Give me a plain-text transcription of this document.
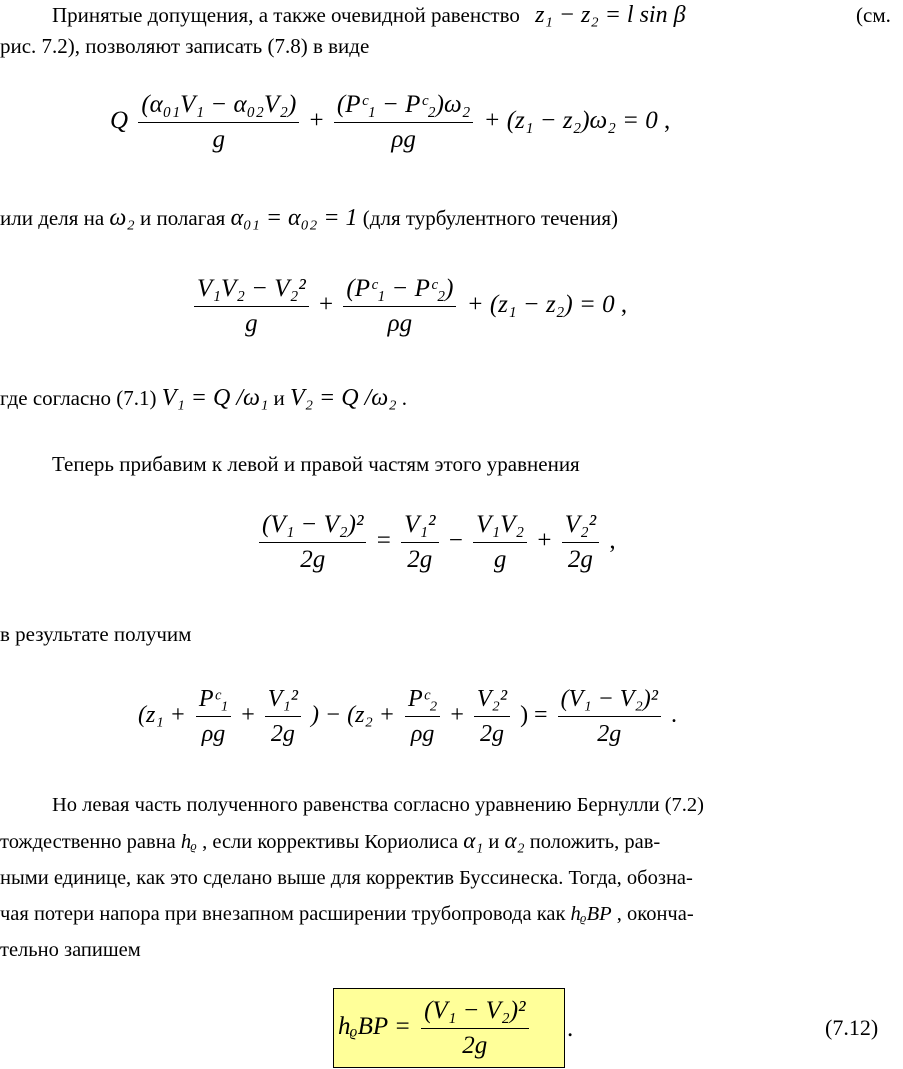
Принятые допущения, а также очевидной равенство z₁ − z₂ = l sin β	(см.
рис. 7.2), позволяют записать (7.8) в виде
Q $\frac{\text{(α₀₁V₁ − α₀₂V₂)}}{g} + \frac{\text{(Pᶜ₁ − Pᶜ₂)ω₂}}{\rho g} + (z_1 - z_2)\omega_2 = 0$ ,
или деля на ω₂ и полагая α₀₁ = α₀₂ = 1 (для турбулентного течения)
$\frac{\text{V₁V₂ − V₂²}}{g} + \frac{\text{(Pᶜ₁ − Pᶜ₂)}}{\rho g} + (z_1 - z_2) = 0$ ,
где согласно (7.1) V₁ = Q /ω₁ и V₂ = Q /ω₂ .
Теперь прибавим к левой и правой частям этого уравнения
$\frac{\text{(V₁ − V₂)²}}{2g} = \frac{\text{V₁²}}{2g} - \frac{\text{V₁V₂}}{g} + \frac{\text{V₂²}}{2g}$ ,
в результате получим
($z_1 + \frac{\text{Pᶜ₁}}{\rho g} + \frac{\text{V₁²}}{2g}$ ) − ($z_2 + \frac{\text{Pᶜ₂}}{\rho g} + \frac{\text{V₂²}}{2g}$ ) = $\frac{\text{(V₁ − V₂)²}}{2g}$ .
Но левая часть полученного равенства согласно уравнению Бернулли (7.2)
тождественно равна hᵨ , если коррективы Кориолиса α₁ и α₂ положить, рав-
ными единице, как это сделано выше для корректив Буссинеска. Тогда, обозна-
чая потери напора при внезапном расширении трубопровода как hᵨBP , оконча-
тельно запишем
hᵨBP = $\frac{\text{(V₁ − V₂)²}}{2g}$ .	(7.12)
